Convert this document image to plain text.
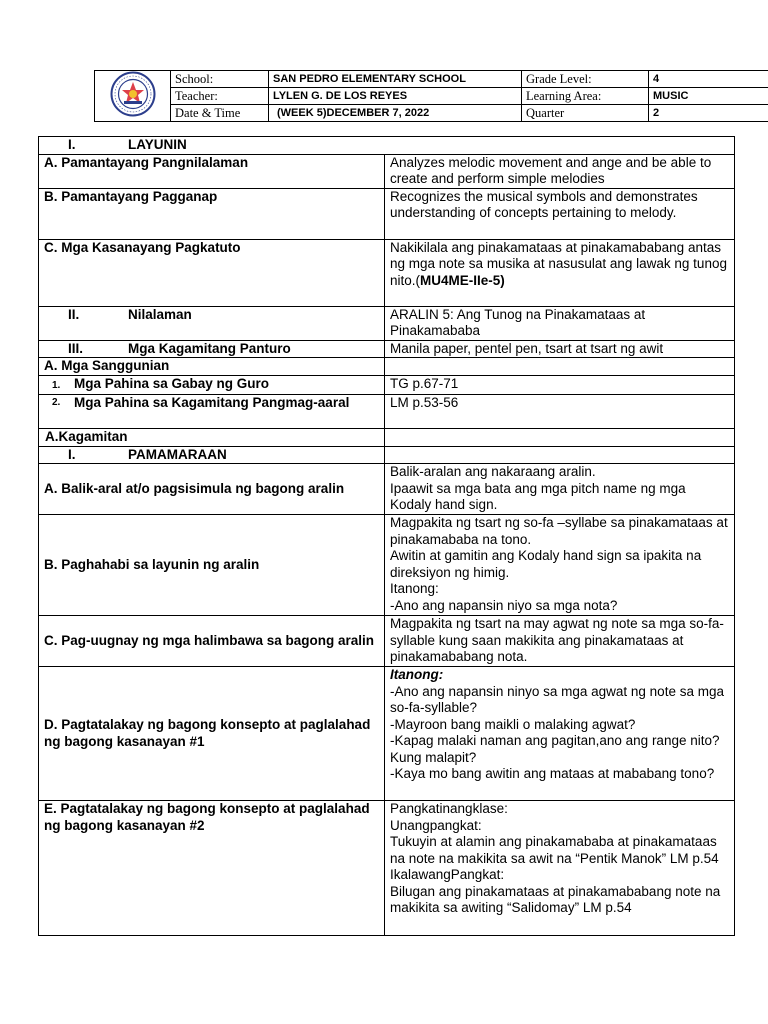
	School:	SAN PEDRO ELEMENTARY SCHOOL	Grade Level:	4
	Teacher:	LYLEN G. DE LOS REYES	Learning Area:	MUSIC
	Date & Time	(WEEK 5)DECEMBER 7, 2022	Quarter	2
I. LAYUNIN	
A. Pamantayang Pangnilalaman	Analyzes melodic movement and ange and be able to create and perform simple melodies
B. Pamantayang Pagganap	Recognizes the musical symbols and demonstrates understanding of concepts pertaining to melody.
C. Mga Kasanayang Pagkatuto	Nakikilala ang pinakamataas at pinakamababang antas ng mga note sa musika at nasusulat ang lawak ng tunog nito.(MU4ME-IIe-5)
II. Nilalaman	ARALIN 5: Ang Tunog na Pinakamataas at Pinakamababa
III. Mga Kagamitang Panturo	Manila paper, pentel pen, tsart at tsart ng awit
A. Mga Sanggunian	
1. Mga Pahina sa Gabay ng Guro	TG p.67-71

2. Mga Pahina sa Kagamitang Pangmag-aaral	LM p.53-56
A.Kagamitan	
I. PAMAMARAAN	
A. Balik-aral at/o pagsisimula ng bagong aralin	Balik-aralan ang nakaraang aralin.
Ipaawit sa mga bata ang mga pitch name ng mga Kodaly hand sign.
B. Paghahabi sa layunin ng aralin	Magpakita ng tsart ng so-fa –syllabe sa pinakamataas at pinakamababa na tono.
Awitin at gamitin ang Kodaly hand sign sa ipakita na direksiyon ng himig.
Itanong:
-Ano ang napansin niyo sa mga nota?
C. Pag-uugnay ng mga halimbawa sa bagong aralin	Magpakita ng tsart na may agwat ng note sa mga so-fa-syllable kung saan makikita ang pinakamataas at pinakamababang nota.
D. Pagtatalakay ng bagong konsepto at paglalahad ng bagong kasanayan #1	Itanong:
-Ano ang napansin ninyo sa mga agwat ng note sa mga so-fa-syllable?
-Mayroon bang maikli o malaking agwat?
-Kapag malaki naman ang pagitan,ano ang range nito?Kung malapit?
-Kaya mo bang awitin ang mataas at mababang tono?

E. Pagtatalakay ng bagong konsepto at paglalahad ng bagong kasanayan #2	Pangkatinangklase:
Unangpangkat:
Tukuyin at alamin ang pinakamababa at pinakamataas na note na makikita sa awit na “Pentik Manok” LM p.54
IkalawangPangkat:
Bilugan ang pinakamataas at pinakamababang note na makikita sa awiting “Salidomay” LM p.54
